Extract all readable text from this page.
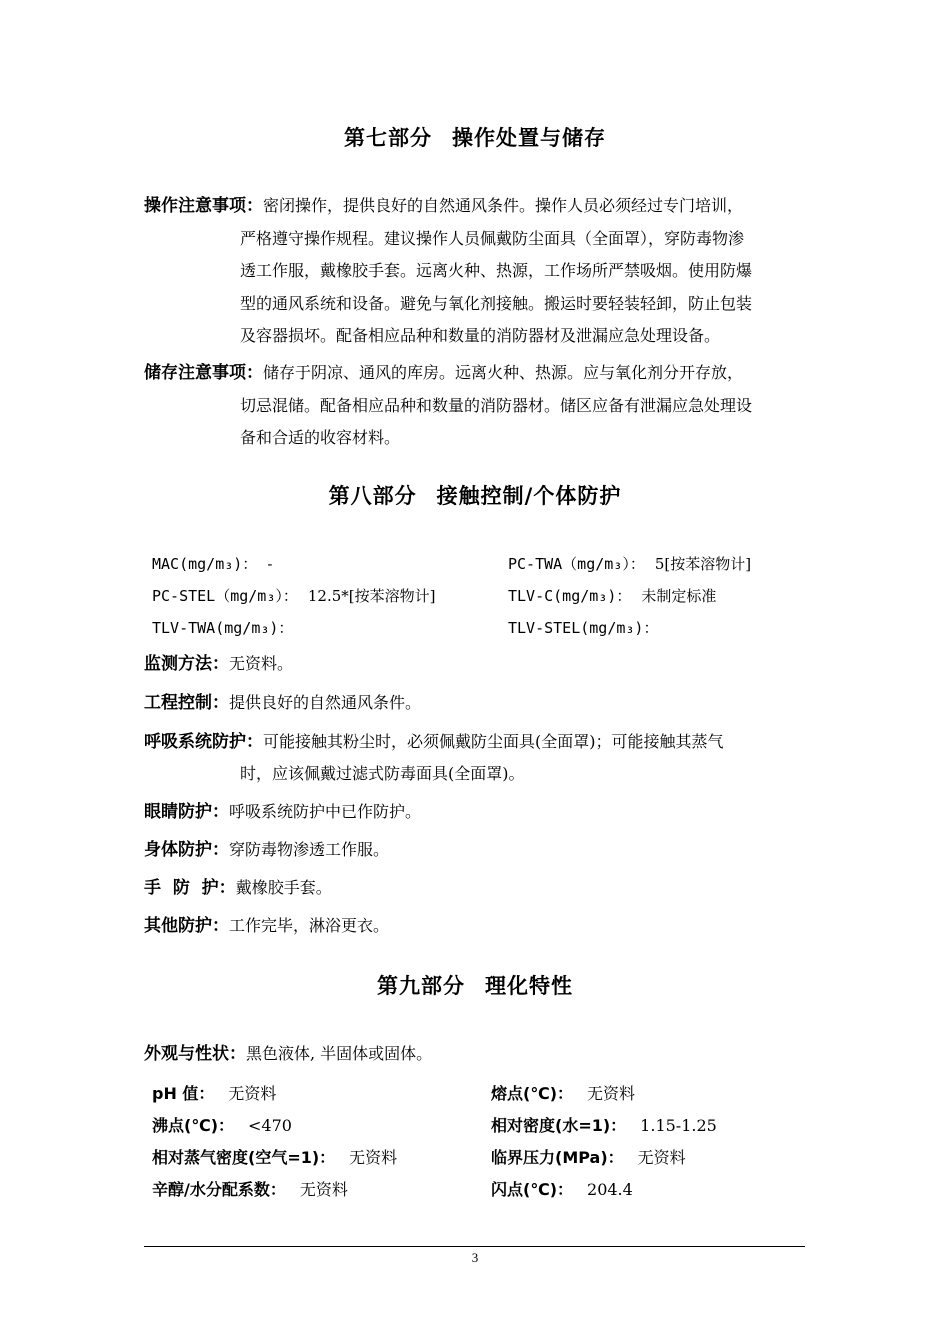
第七部分 操作处置与储存
操作注意事项：密闭操作，提供良好的自然通风条件。操作人员必须经过专门培训，
严格遵守操作规程。建议操作人员佩戴防尘面具（全面罩），穿防毒物渗
透工作服，戴橡胶手套。远离火种、热源，工作场所严禁吸烟。使用防爆
型的通风系统和设备。避免与氧化剂接触。搬运时要轻装轻卸，防止包装
及容器损坏。配备相应品种和数量的消防器材及泄漏应急处理设备。
储存注意事项：储存于阴凉、通风的库房。远离火种、热源。应与氧化剂分开存放，
切忌混储。配备相应品种和数量的消防器材。储区应备有泄漏应急处理设
备和合适的收容材料。
第八部分 接触控制/个体防护
MAC(mg/m₃)： -	PC-TWA（mg/m₃）： 5[按苯溶物计]
PC-STEL（mg/m₃）： 12.5*[按苯溶物计]	TLV-C(mg/m₃)： 未制定标准
TLV-TWA(mg/m₃)：	TLV-STEL(mg/m₃)：
监测方法：无资料。
工程控制：提供良好的自然通风条件。
呼吸系统防护：可能接触其粉尘时，必须佩戴防尘面具(全面罩)；可能接触其蒸气
时，应该佩戴过滤式防毒面具(全面罩)。
眼睛防护：呼吸系统防护中已作防护。
身体防护：穿防毒物渗透工作服。
手  防  护：戴橡胶手套。
其他防护：工作完毕，淋浴更衣。
第九部分 理化特性
外观与性状：黑色液体, 半固体或固体。
pH 值： 无资料	熔点(℃)： 无资料
沸点(℃)： <470	相对密度(水=1)： 1.15-1.25
相对蒸气密度(空气=1)： 无资料	临界压力(MPa)： 无资料
辛醇/水分配系数： 无资料	闪点(℃)： 204.4
3
